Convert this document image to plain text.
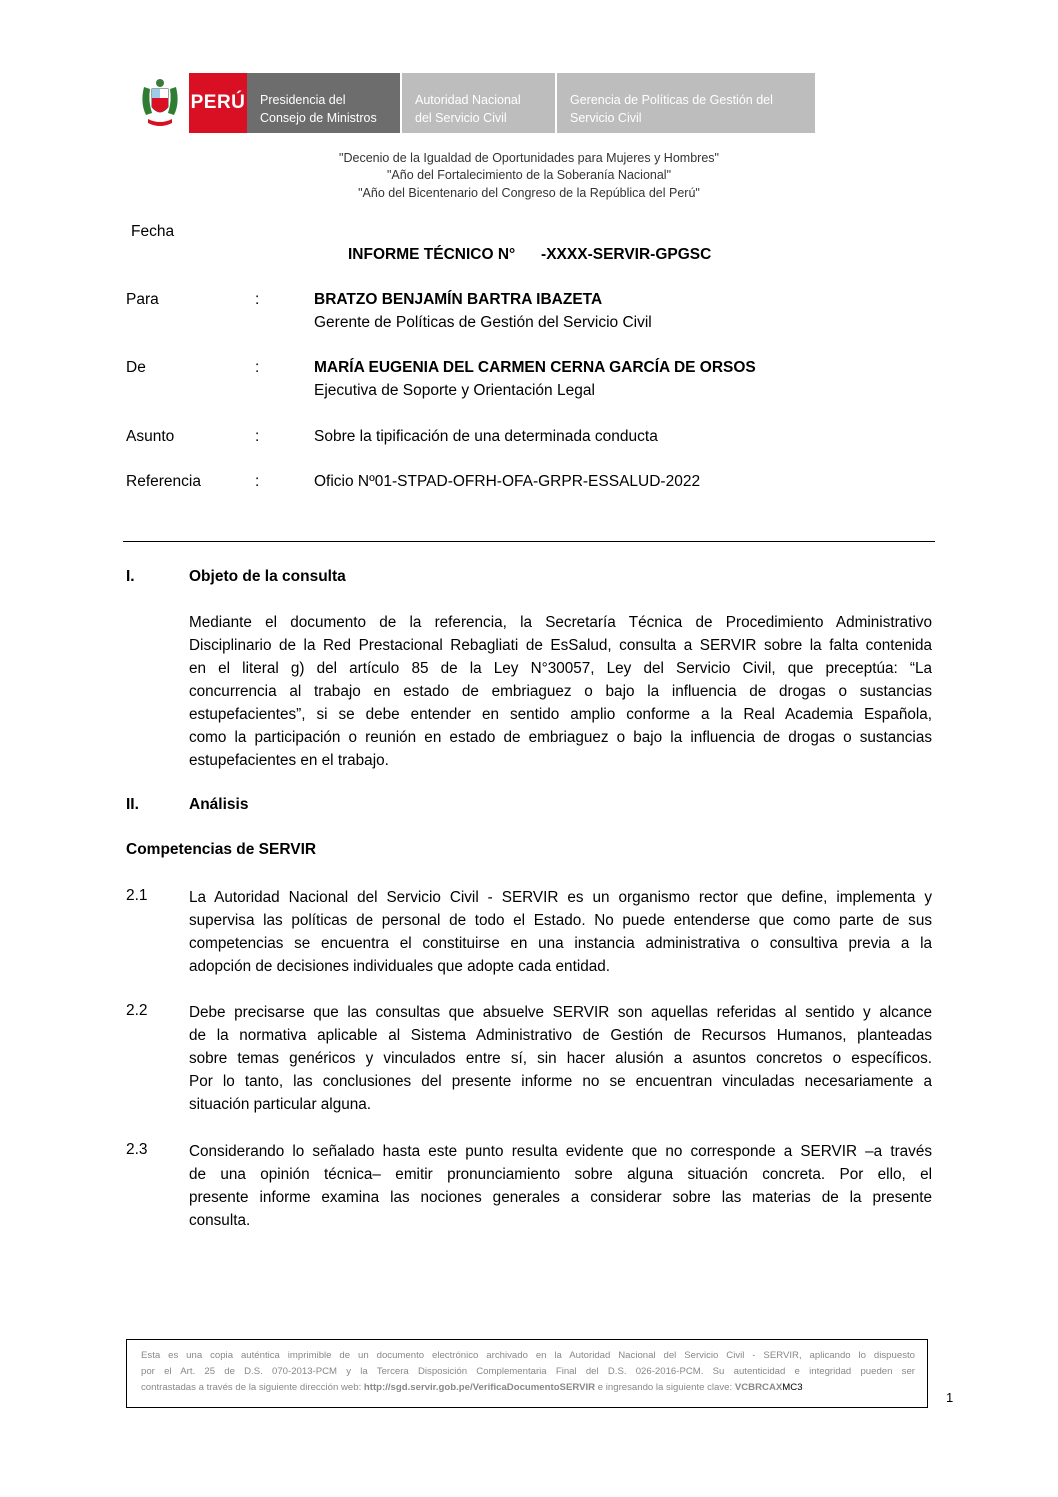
·
PERÚ Presidencia del
Consejo de Ministros
Autoridad Nacional
del Servicio Civil
Gerencia de Políticas de Gestión del
Servicio Civil
"Decenio de la Igualdad de Oportunidades para Mujeres y Hombres"
"Año del Fortalecimiento de la Soberanía Nacional"
"Año del Bicentenario del Congreso de la República del Perú"
Fecha
INFORME TÉCNICO N°      -XXXX-SERVIR-GPGSC
Para	:	BRATZO BENJAMÍN BARTRA IBAZETA
Gerente de Políticas de Gestión del Servicio Civil
De	:	MARÍA EUGENIA DEL CARMEN CERNA GARCÍA DE ORSOS
Ejecutiva de Soporte y Orientación Legal
Asunto	:	Sobre la tipificación de una determinada conducta
Referencia	:	Oficio Nº01-STPAD-OFRH-OFA-GRPR-ESSALUD-2022
I.	Objeto de la consulta
Mediante el documento de la referencia, la Secretaría Técnica de Procedimiento Administrativo
Disciplinario de la Red Prestacional Rebagliati de EsSalud, consulta a SERVIR sobre la falta contenida
en el literal g) del artículo 85 de la Ley N°30057, Ley del Servicio Civil, que preceptúa: “La
concurrencia al trabajo en estado de embriaguez o bajo la influencia de drogas o sustancias
estupefacientes”, si se debe entender en sentido amplio conforme a la Real Academia Española,
como la participación o reunión en estado de embriaguez o bajo la influencia de drogas o sustancias
estupefacientes en el trabajo.
II.	Análisis
Competencias de SERVIR
2.1	La Autoridad Nacional del Servicio Civil - SERVIR es un organismo rector que define, implementa y
supervisa las políticas de personal de todo el Estado. No puede entenderse que como parte de sus
competencias se encuentra el constituirse en una instancia administrativa o consultiva previa a la
adopción de decisiones individuales que adopte cada entidad.
2.2	Debe precisarse que las consultas que absuelve SERVIR son aquellas referidas al sentido y alcance
de la normativa aplicable al Sistema Administrativo de Gestión de Recursos Humanos, planteadas
sobre temas genéricos y vinculados entre sí, sin hacer alusión a asuntos concretos o específicos.
Por lo tanto, las conclusiones del presente informe no se encuentran vinculadas necesariamente a
situación particular alguna.
2.3	Considerando lo señalado hasta este punto resulta evidente que no corresponde a SERVIR –a través
de una opinión técnica– emitir pronunciamiento sobre alguna situación concreta. Por ello, el
presente informe examina las nociones generales a considerar sobre las materias de la presente
consulta.
Esta es una copia auténtica imprimible de un documento electrónico archivado en la Autoridad Nacional del Servicio Civil - SERVIR, aplicando lo dispuesto
por el Art. 25 de D.S. 070-2013-PCM y la Tercera Disposición Complementaria Final del D.S. 026-2016-PCM. Su autenticidad e integridad pueden ser
contrastadas a través de la siguiente dirección web: http://sgd.servir.gob.pe/VerificaDocumentoSERVIR e ingresando la siguiente clave: VCBRCAXMC3
1
